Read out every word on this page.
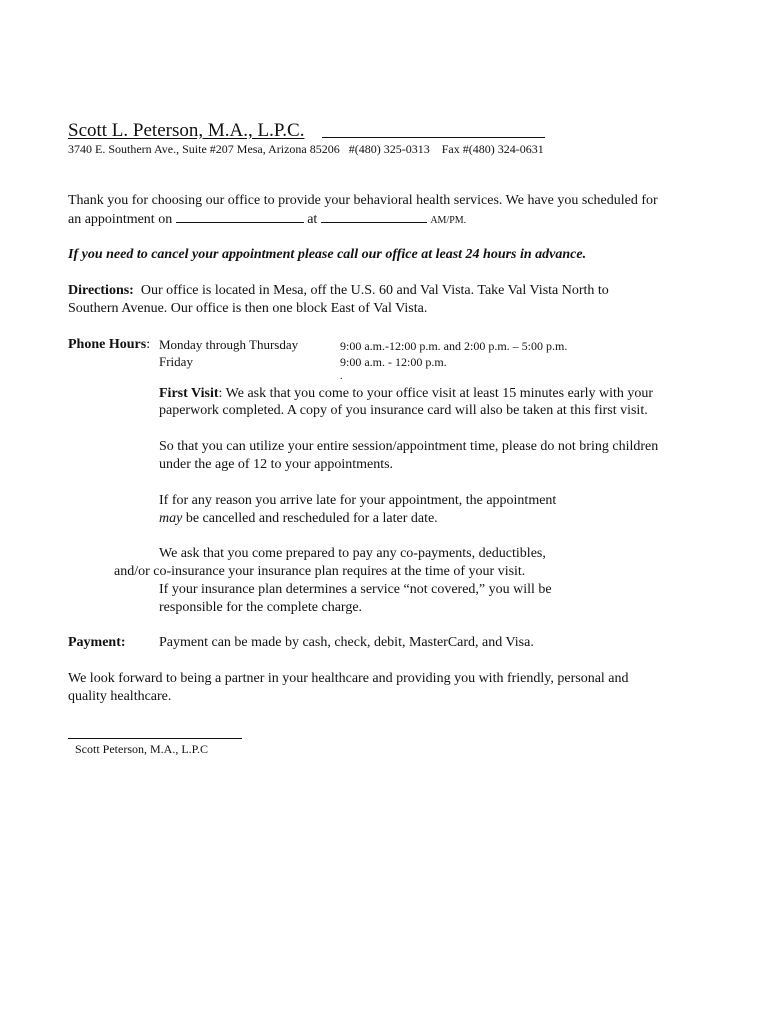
Scott L. Peterson, M.A., L.P.C.
3740 E. Southern Ave., Suite #207 Mesa, Arizona 85206 #(480) 325-0313 Fax #(480) 324-0631
Thank you for choosing our office to provide your behavioral health services. We have you scheduled for
an appointment on	at	AM/PM.
If you need to cancel your appointment please call our office at least 24 hours in advance.
Directions: Our office is located in Mesa, off the U.S. 60 and Val Vista. Take Val Vista North to
Southern Avenue. Our office is then one block East of Val Vista.
Phone Hours: Monday through Thursday	9:00 a.m.-12:00 p.m. and 2:00 p.m. – 5:00 p.m.
Friday	9:00 a.m. - 12:00 p.m.
.
First Visit: We ask that you come to your office visit at least 15 minutes early with your
paperwork completed. A copy of you insurance card will also be taken at this first visit.
So that you can utilize your entire session/appointment time, please do not bring children
under the age of 12 to your appointments.
If for any reason you arrive late for your appointment, the appointment
may be cancelled and rescheduled for a later date.
We ask that you come prepared to pay any co-payments, deductibles,
and/or co-insurance your insurance plan requires at the time of your visit.
If your insurance plan determines a service “not covered,” you will be
responsible for the complete charge.
Payment: Payment can be made by cash, check, debit, MasterCard, and Visa.
We look forward to being a partner in your healthcare and providing you with friendly, personal and
quality healthcare.
Scott Peterson, M.A., L.P.C
